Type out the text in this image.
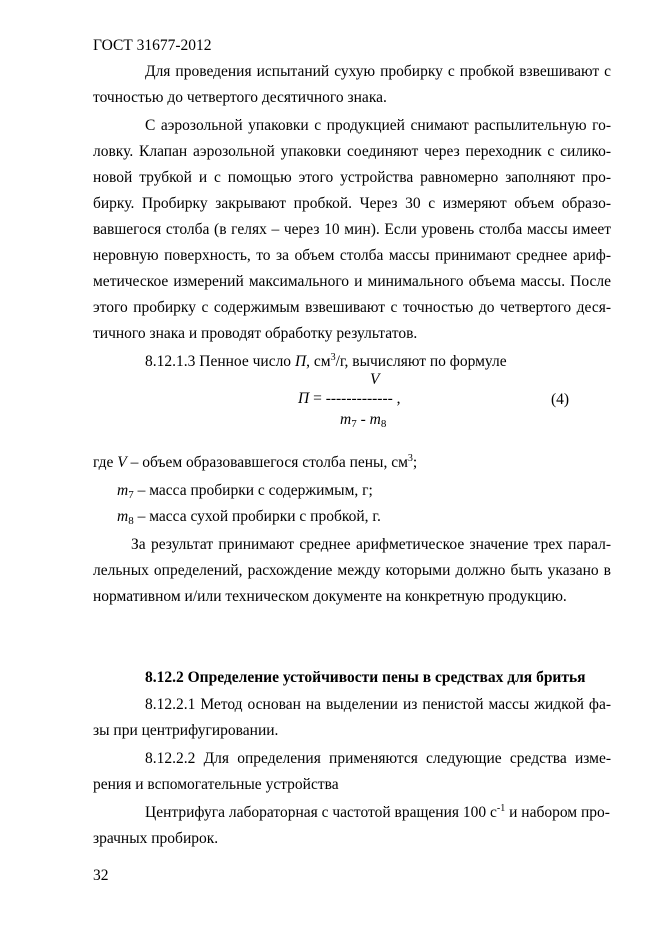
ГОСТ 31677-2012

Для проведения испытаний сухую пробирку с пробкой взвешивают с

точностью до четвертого десятичного знака.

С аэрозольной упаковки с продукцией снимают распылительную го-

ловку. Клапан аэрозольной упаковки соединяют через переходник с силико-

новой трубкой и с помощью этого устройства равномерно заполняют про-

бирку. Пробирку закрывают пробкой. Через 30 с измеряют объем образо-

вавшегося столба (в гелях – через 10 мин). Если уровень столба массы имеет

неровную поверхность, то за объем столба массы принимают среднее ариф-

метическое измерений максимального и минимального объема массы. После

этого пробирку с содержимым взвешивают с точностью до четвертого деся-

тичного знака и проводят обработку результатов.

8.12.1.3 Пенное число П, $см^3/г$, вычисляют по формуле

V

П = ------------- ,

$m_7 - m_8$

(4)

где V – объем образовавшегося столба пены, $см^3$;

$m_7$ – масса пробирки с содержимым, г;

$m_8$ – масса сухой пробирки с пробкой, г.

За результат принимают среднее арифметическое значение трех парал-

лельных определений, расхождение между которыми должно быть указано в

нормативном и/или техническом документе на конкретную продукцию.

8.12.2 Определение устойчивости пены в средствах для бритья

8.12.2.1 Метод основан на выделении из пенистой массы жидкой фа-

зы при центрифугировании.

8.12.2.2 Для определения применяются следующие средства изме-

рения и вспомогательные устройства

Центрифуга лабораторная с частотой вращения 100 $с^{-1}$ и набором про-

зрачных пробирок.

32
